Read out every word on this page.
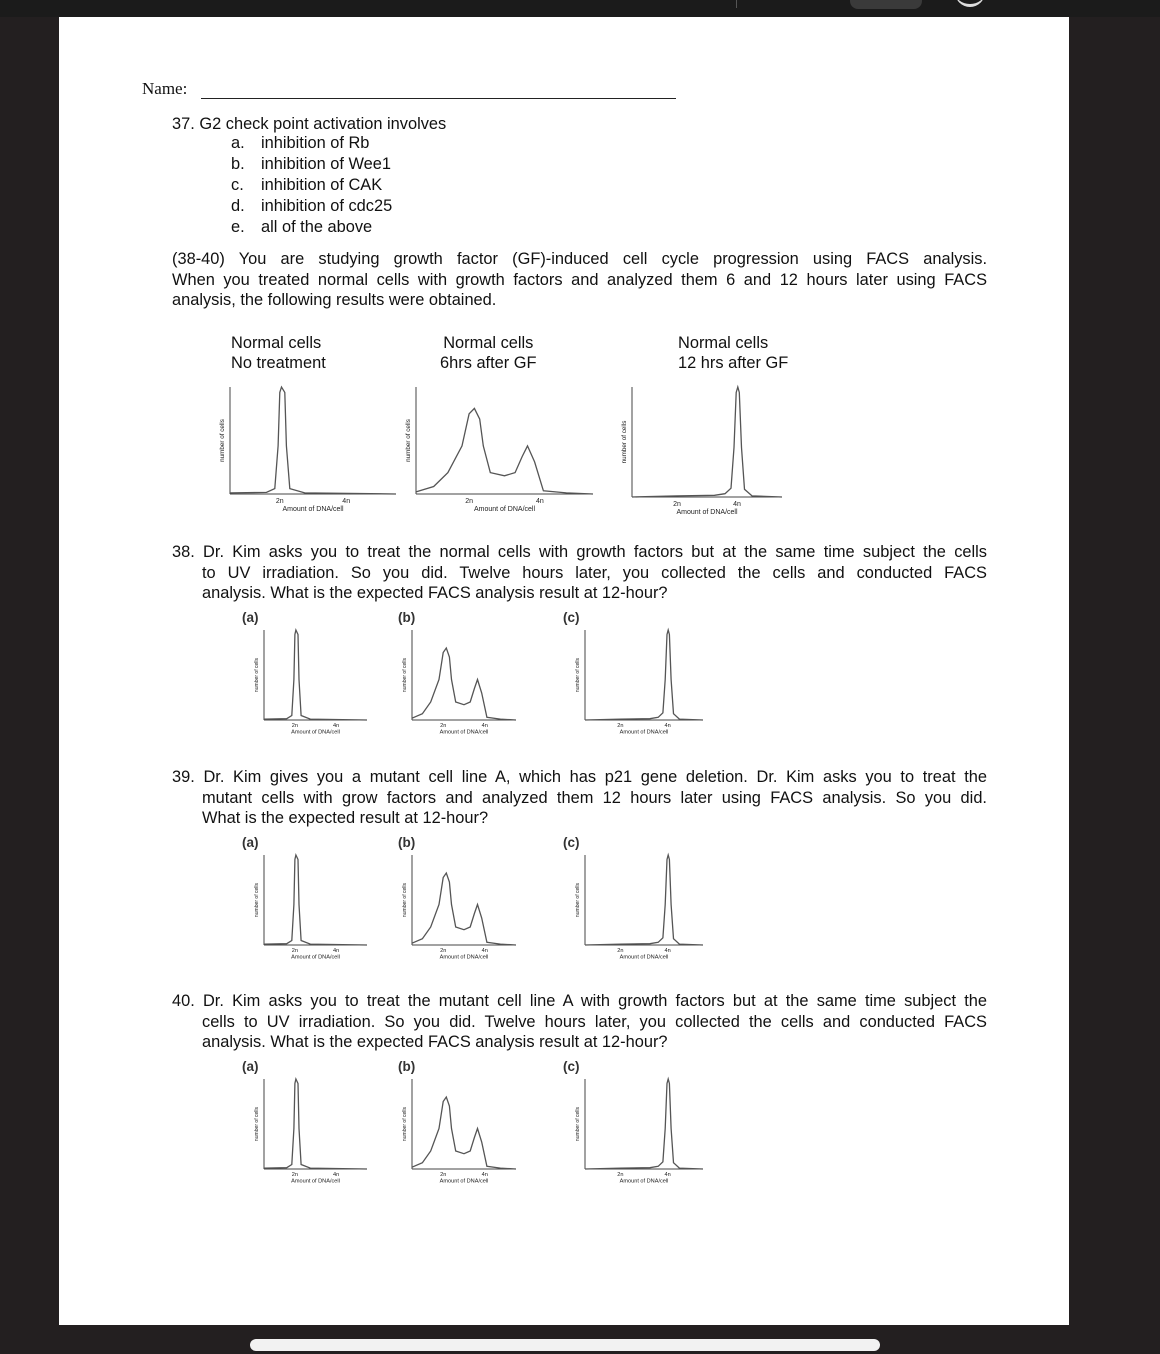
Name:

37. G2 check point activation involves

a. inhibition of Rb
b. inhibition of Wee1
c. inhibition of CAK
d. inhibition of cdc25
e. all of the above

(38-40) You are studying growth factor (GF)-induced cell cycle progression using FACS analysis.

When you treated normal cells with growth factors and analyzed them 6 and 12 hours later using FACS

analysis, the following results were obtained.

Normal cells
No treatment
Normal cells
6hrs after GF
Normal cells
12 hrs after GF
number of cells
2n	4n
Amount of DNA/cell
number of cells
2n	4n
Amount of DNA/cell
number of cells
2n	4n
Amount of DNA/cell

38. Dr. Kim asks you to treat the normal cells with growth factors but at the same time subject the cells

to UV irradiation. So you did. Twelve hours later, you collected the cells and conducted FACS

analysis. What is the expected FACS analysis result at 12-hour?

(a)	(b)	(c)
number of cells
2n	4n
Amount of DNA/cell
number of cells
2n	4n
Amount of DNA/cell
number of cells
2n	4n
Amount of DNA/cell

39. Dr. Kim gives you a mutant cell line A, which has p21 gene deletion. Dr. Kim asks you to treat the

mutant cells with grow factors and analyzed them 12 hours later using FACS analysis. So you did.

What is the expected result at 12-hour?

(a)	(b)	(c)
number of cells
2n	4n
Amount of DNA/cell
number of cells
2n	4n
Amount of DNA/cell
number of cells
2n	4n
Amount of DNA/cell

40. Dr. Kim asks you to treat the mutant cell line A with growth factors but at the same time subject the

cells to UV irradiation. So you did. Twelve hours later, you collected the cells and conducted FACS

analysis. What is the expected FACS analysis result at 12-hour?

(a)	(b)	(c)
number of cells
2n	4n
Amount of DNA/cell
number of cells
2n	4n
Amount of DNA/cell
number of cells
2n	4n
Amount of DNA/cell
